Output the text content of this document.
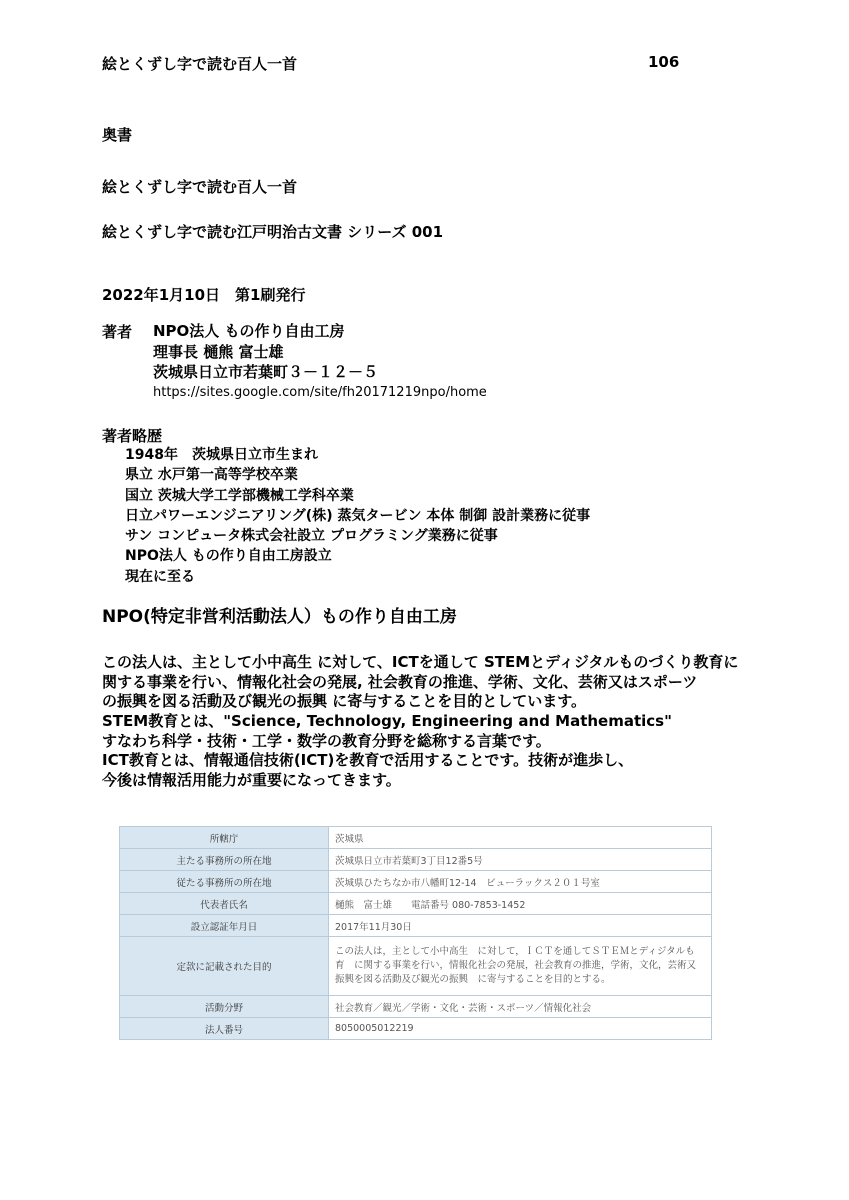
絵とくずし字で読む百人一首	106
奥書
絵とくずし字で読む百人一首
絵とくずし字で読む江戸明治古文書 シリーズ 001
2022年1月10日　第1刷発行
著者 NPO法人 もの作り自由工房
理事長 樋熊 富士雄
茨城県日立市若葉町３－１２－５
https://sites.google.com/site/fh20171219npo/home
著者略歴
1948年　茨城県日立市生まれ
県立 水戸第一高等学校卒業
国立 茨城大学工学部機械工学科卒業
日立パワーエンジニアリング(株) 蒸気タービン 本体 制御 設計業務に従事
サン コンピュータ株式会社設立 プログラミング業務に従事
NPO法人 もの作り自由工房設立
現在に至る
NPO(特定非営利活動法人）もの作り自由工房
この法人は、主として小中高生 に対して、ICTを通して STEMとディジタルものづくり教育に
関する事業を行い、情報化社会の発展, 社会教育の推進、学術、文化、芸術又はスポーツ
の振興を図る活動及び観光の振興 に寄与することを目的としています。
STEM教育とは、"Science, Technology, Engineering and Mathematics"
すなわち科学・技術・工学・数学の教育分野を総称する言葉です。
ICT教育とは、情報通信技術(ICT)を教育で活用することです。技術が進歩し、
今後は情報活用能力が重要になってきます。
所轄庁	茨城県
主たる事務所の所在地	茨城県日立市若葉町3丁目12番5号
従たる事務所の所在地	茨城県ひたちなか市八幡町12-14　ビューラックス２０１号室
代表者氏名	樋熊　富士雄　　電話番号 080-7853-1452
設立認証年月日	2017年11月30日
定款に記載された目的	この法人は，主として小中高生　に対して，ＩＣＴを通してＳＴＥＭとディジタルも
育　に関する事業を行い，情報化社会の発展，社会教育の推進，学術，文化，芸術又
振興を図る活動及び観光の振興　に寄与することを目的とする。

活動分野	社会教育／観光／学術・文化・芸術・スポーツ／情報化社会
法人番号	8050005012219
